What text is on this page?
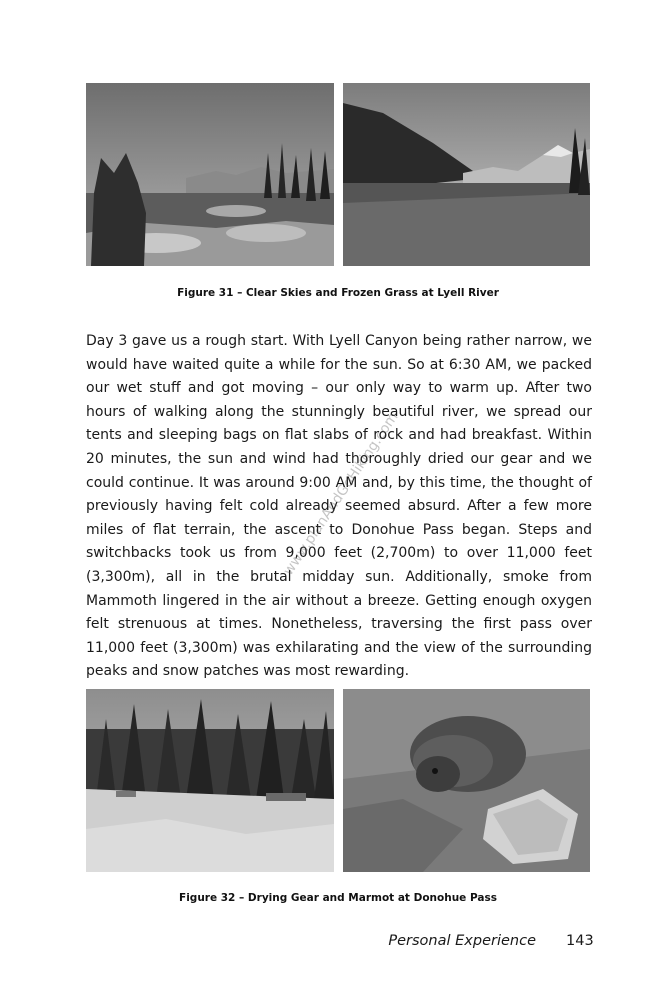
Figure 31 – Clear Skies and Frozen Grass at Lyell River

Day 3 gave us a rough start. With Lyell Canyon being rather narrow, we would have waited quite a while for the sun. So at 6:30 AM, we packed our wet stuff and got moving – our only way to warm up. After two hours of walking along the stunningly beautiful river, we spread our tents and sleeping bags on flat slabs of rock and had breakfast. Within 20 minutes, the sun and wind had thoroughly dried our gear and we could continue. It was around 9:00 AM and, by this time, the thought of previously having felt cold already seemed absurd. After a few more miles of flat terrain, the ascent to Donohue Pass began. Steps and switchbacks took us from 9,000 feet (2,700m) to over 11,000 feet (3,300m), all in the brutal midday sun. Additionally, smoke from Mammoth lingered in the air without a breeze. Getting enough oxygen felt strenuous at times. Nonetheless, traversing the first pass over 11,000 feet (3,300m) was exhilarating and the view of the surrounding peaks and snow patches was most rewarding.

www.planAndGoHiking.com
Figure 32 – Drying Gear and Marmot at Donohue Pass
Personal Experience 143
